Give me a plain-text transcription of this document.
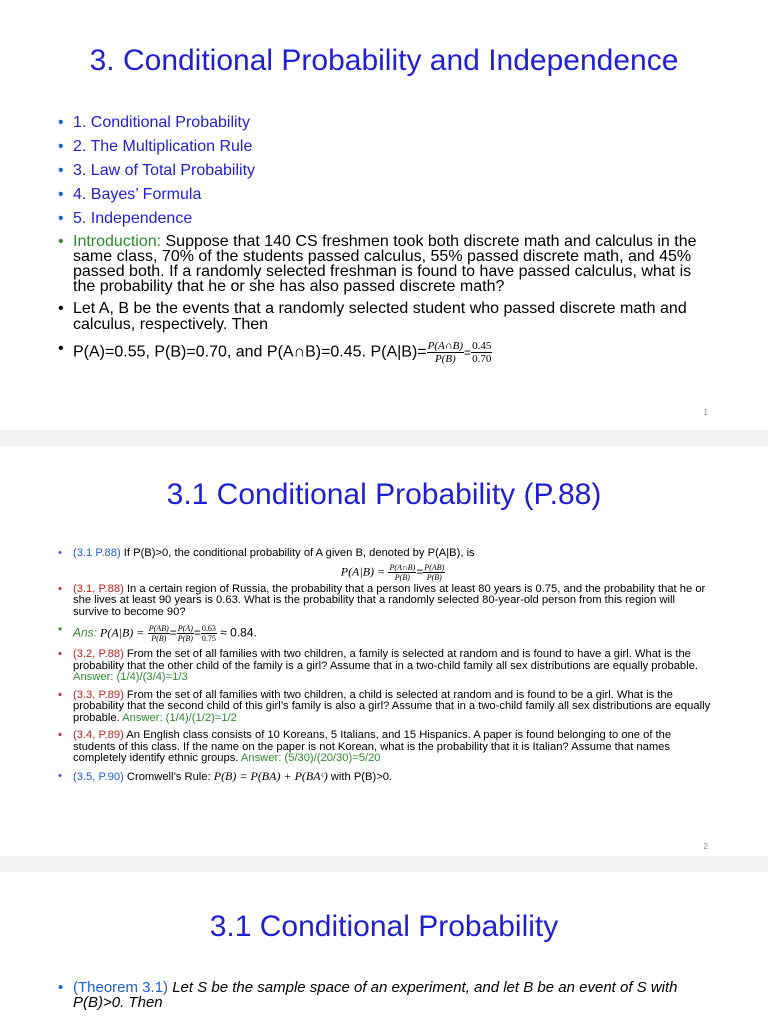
3. Conditional Probability and Independence
• 1. Conditional Probability
• 2. The Multiplication Rule
• 3. Law of Total Probability
• 4. Bayes’ Formula
• 5. Independence
• Introduction: Suppose that 140 CS freshmen took both discrete math and calculus in the same class, 70% of the students passed calculus, 55% passed discrete math, and 45% passed both. If a randomly selected freshman is found to have passed calculus, what is the probability that he or she has also passed discrete math?
• Let A, B be the events that a randomly selected student who passed discrete math and calculus, respectively. Then
• P(A)=0.55, P(B)=0.70, and P(A∩B)=0.45. $P(A|B)= \frac{P(A\cap B)}{P(B)} = \frac{0.45}{0.70}$
1
3.1 Conditional Probability (P.88)
• (3.1 P.88) If P(B)>0, the conditional probability of A given B, denoted by P(A|B), is
$P(A|B) = \frac{P(A\cap B)}{P(B)} = \frac{P(AB)}{P(B)}$
• (3.1, P.88) In a certain region of Russia, the probability that a person lives at least 80 years is 0.75, and the probability that he or she lives at least 90 years is 0.63. What is the probability that a randomly selected 80-year-old person from this region will survive to become 90?
• Ans: $P(A|B) = \frac{P(AB)}{P(B)} = \frac{P(A)}{P(B)} = \frac{0.63}{0.75} \approx 0.84$.
• (3.2, P.88) From the set of all families with two children, a family is selected at random and is found to have a girl. What is the probability that the other child of the family is a girl? Assume that in a two-child family all sex distributions are equally probable. Answer: (1/4)/(3/4)=1/3
• (3.3, P.89) From the set of all families with two children, a child is selected at random and is found to be a girl. What is the probability that the second child of this girl’s family is also a girl? Assume that in a two-child family all sex distributions are equally probable. Answer: (1/4)/(1/2)=1/2
• (3.4, P.89) An English class consists of 10 Koreans, 5 Italians, and 15 Hispanics. A paper is found belonging to one of the students of this class. If the name on the paper is not Korean, what is the probability that it is Italian? Assume that names completely identify ethnic groups. Answer: (5/30)/(20/30)=5/20
• (3.5, P.90) Cromwell’s Rule: P(B) = P(BA) + P(BAᶜ) with P(B)>0.
2
3.1 Conditional Probability
• (Theorem 3.1) Let S be the sample space of an experiment, and let B be an event of S with P(B)>0. Then
